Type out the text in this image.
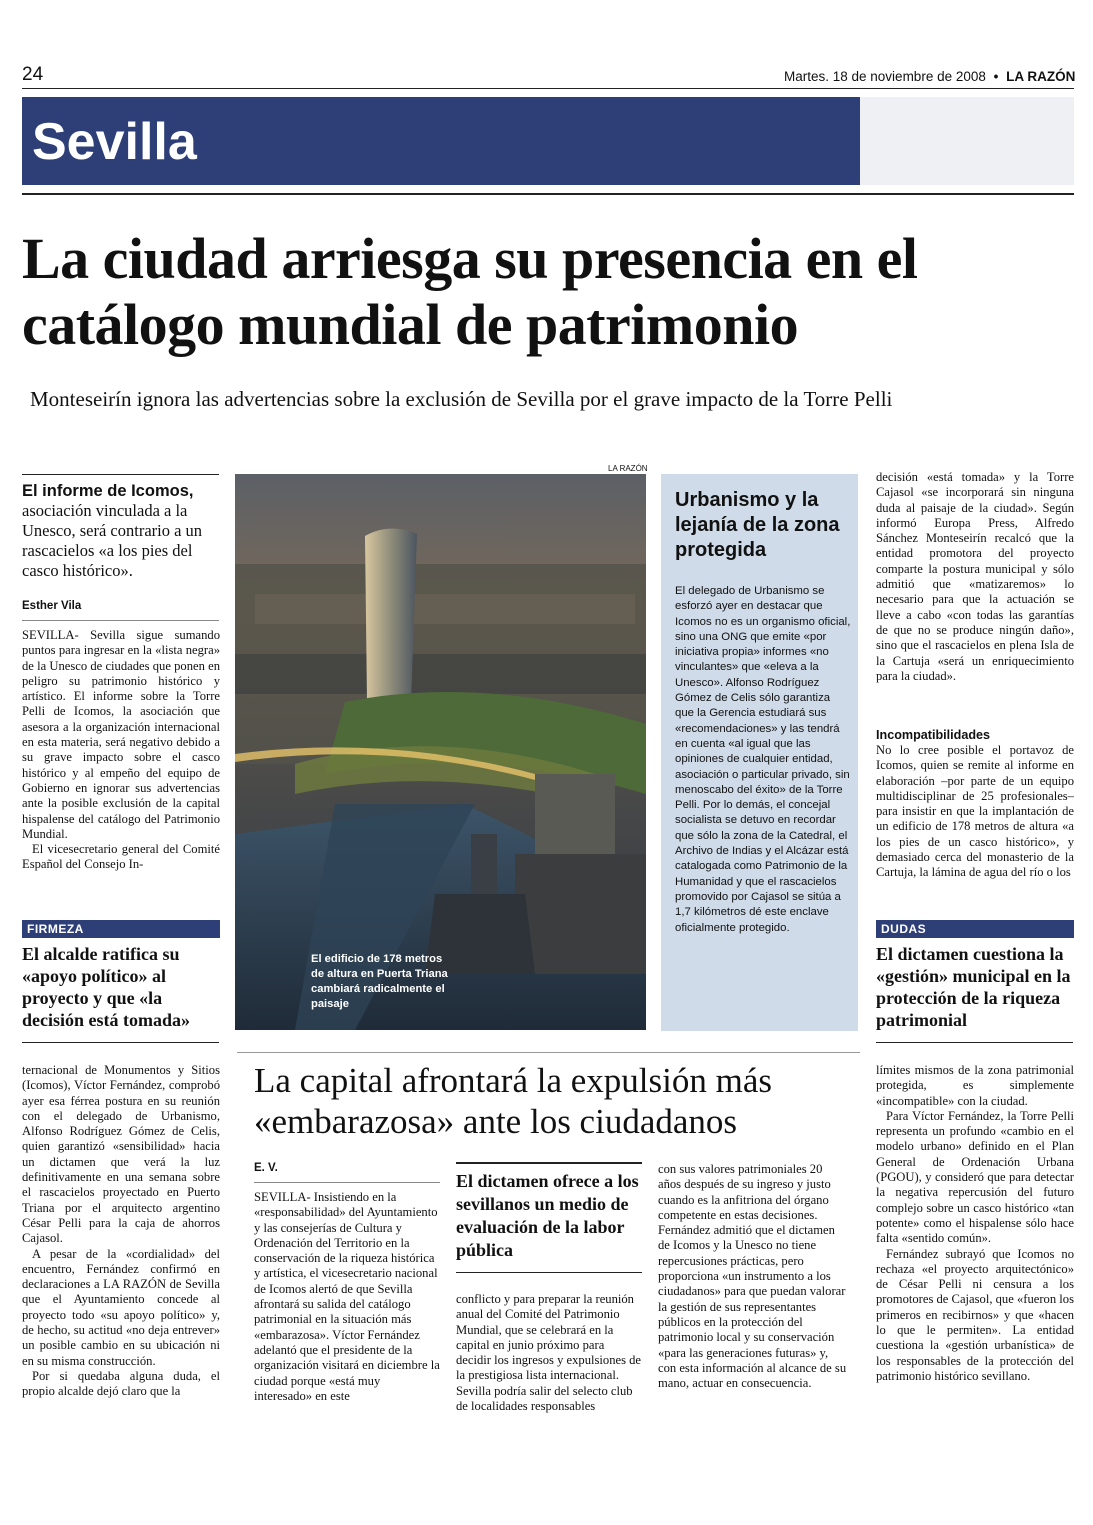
24	Martes. 18 de noviembre de 2008 • LA RAZÓN
Sevilla
La ciudad arriesga su presencia en el catálogo mundial de patrimonio
Monteseirín ignora las advertencias sobre la exclusión de Sevilla por el grave impacto de la Torre Pelli
El informe de Icomos, asociación vinculada a la Unesco, será contrario a un rascacielos «a los pies del casco histórico».
Esther Vila

SEVILLA- Sevilla sigue sumando puntos para ingresar en la «lista negra» de la Unesco de ciudades que ponen en peligro su patrimonio histórico y artístico. El informe sobre la Torre Pelli de Icomos, la asociación que asesora a la organización internacional en esta materia, será negativo debido a su grave impacto sobre el casco histórico y al empeño del equipo de Gobierno en ignorar sus advertencias ante la posible exclusión de la capital hispalense del catálogo del Patrimonio Mundial.

El vicesecretario general del Comité Español del Consejo In-

FIRMEZA
El alcalde ratifica su «apoyo político» al proyecto y que «la decisión está tomada»

ternacional de Monumentos y Sitios (Icomos), Víctor Fernández, comprobó ayer esa férrea postura en su reunión con el delegado de Urbanismo, Alfonso Rodríguez Gómez de Celis, quien garantizó «sensibilidad» hacia un dictamen que verá la luz definitivamente en una semana sobre el rascacielos proyectado en Puerto Triana por el arquitecto argentino César Pelli para la caja de ahorros Cajasol.

A pesar de la «cordialidad» del encuentro, Fernández confirmó en declaraciones a LA RAZÓN de Sevilla que el Ayuntamiento concede al proyecto todo «su apoyo político» y, de hecho, su actitud «no deja entrever» un posible cambio en su ubicación ni en su misma construcción.

Por si quedaba alguna duda, el propio alcalde dejó claro que la

LA RAZÓN
El edificio de 178 metros de altura en Puerta Triana cambiará radicalmente el paisaje
Urbanismo y la lejanía de la zona protegida
El delegado de Urbanismo se esforzó ayer en destacar que Icomos no es un organismo oficial, sino una ONG que emite «por iniciativa propia» informes «no vinculantes» que «eleva a la Unesco». Alfonso Rodríguez Gómez de Celis sólo garantiza que la Gerencia estudiará sus «recomendaciones» y las tendrá en cuenta «al igual que las opiniones de cualquier entidad, asociación o particular privado, sin menoscabo del éxito» de la Torre Pelli. Por lo demás, el concejal socialista se detuvo en recordar que sólo la zona de la Catedral, el Archivo de Indias y el Alcázar está catalogada como Patrimonio de la Humanidad y que el rascacielos promovido por Cajasol se sitúa a 1,7 kilómetros dé este enclave oficialmente protegido.

decisión «está tomada» y la Torre Cajasol «se incorporará sin ninguna duda al paisaje de la ciudad». Según informó Europa Press, Alfredo Sánchez Monteseirín recalcó que la entidad promotora del proyecto comparte la postura municipal y sólo admitió que «matizaremos» lo necesario para que la actuación se lleve a cabo «con todas las garantías de que no se produce ningún daño», sino que el rascacielos en plena Isla de la Cartuja «será un enriquecimiento para la ciudad».

Incompatibilidades

No lo cree posible el portavoz de Icomos, quien se remite al informe en elaboración –por parte de un equipo multidisciplinar de 25 profesionales– para insistir en que la implantación de un edificio de 178 metros de altura «a los pies de un casco histórico», y demasiado cerca del monasterio de la Cartuja, la lámina de agua del río o los

DUDAS
El dictamen cuestiona la «gestión» municipal en la protección de la riqueza patrimonial

límites mismos de la zona patrimonial protegida, es simplemente «incompatible» con la ciudad.

Para Víctor Fernández, la Torre Pelli representa un profundo «cambio en el modelo urbano» definido en el Plan General de Ordenación Urbana (PGOU), y consideró que para detectar la negativa repercusión del futuro complejo sobre un casco histórico «tan potente» como el hispalense sólo hace falta «sentido común».

Fernández subrayó que Icomos no rechaza «el proyecto arquitectónico» de César Pelli ni censura a los promotores de Cajasol, que «fueron los primeros en recibirnos» y que «hacen lo que le permiten». La entidad cuestiona la «gestión urbanística» de los responsables de la protección del patrimonio histórico sevillano.

La capital afrontará la expulsión más «embarazosa» ante los ciudadanos
E. V.

SEVILLA- Insistiendo en la «responsabilidad» del Ayuntamiento y las consejerías de Cultura y Ordenación del Territorio en la conservación de la riqueza histórica y artística, el vicesecretario nacional de Icomos alertó de que Sevilla afrontará su salida del catálogo patrimonial en la situación más «embarazosa». Víctor Fernández adelantó que el presidente de la organización visitará en diciembre la ciudad porque «está muy interesado» en este

El dictamen ofrece a los sevillanos un medio de evaluación de la labor pública

conflicto y para preparar la reunión anual del Comité del Patrimonio Mundial, que se celebrará en la capital en junio próximo para decidir los ingresos y expulsiones de la prestigiosa lista internacional. Sevilla podría salir del selecto club de localidades responsables

con sus valores patrimoniales 20 años después de su ingreso y justo cuando es la anfitriona del órgano competente en estas decisiones. Fernández admitió que el dictamen de Icomos y la Unesco no tiene repercusiones prácticas, pero proporciona «un instrumento a los ciudadanos» para que puedan valorar la gestión de sus representantes públicos en la protección del patrimonio local y su conservación «para las generaciones futuras» y, con esta información al alcance de su mano, actuar en consecuencia.
